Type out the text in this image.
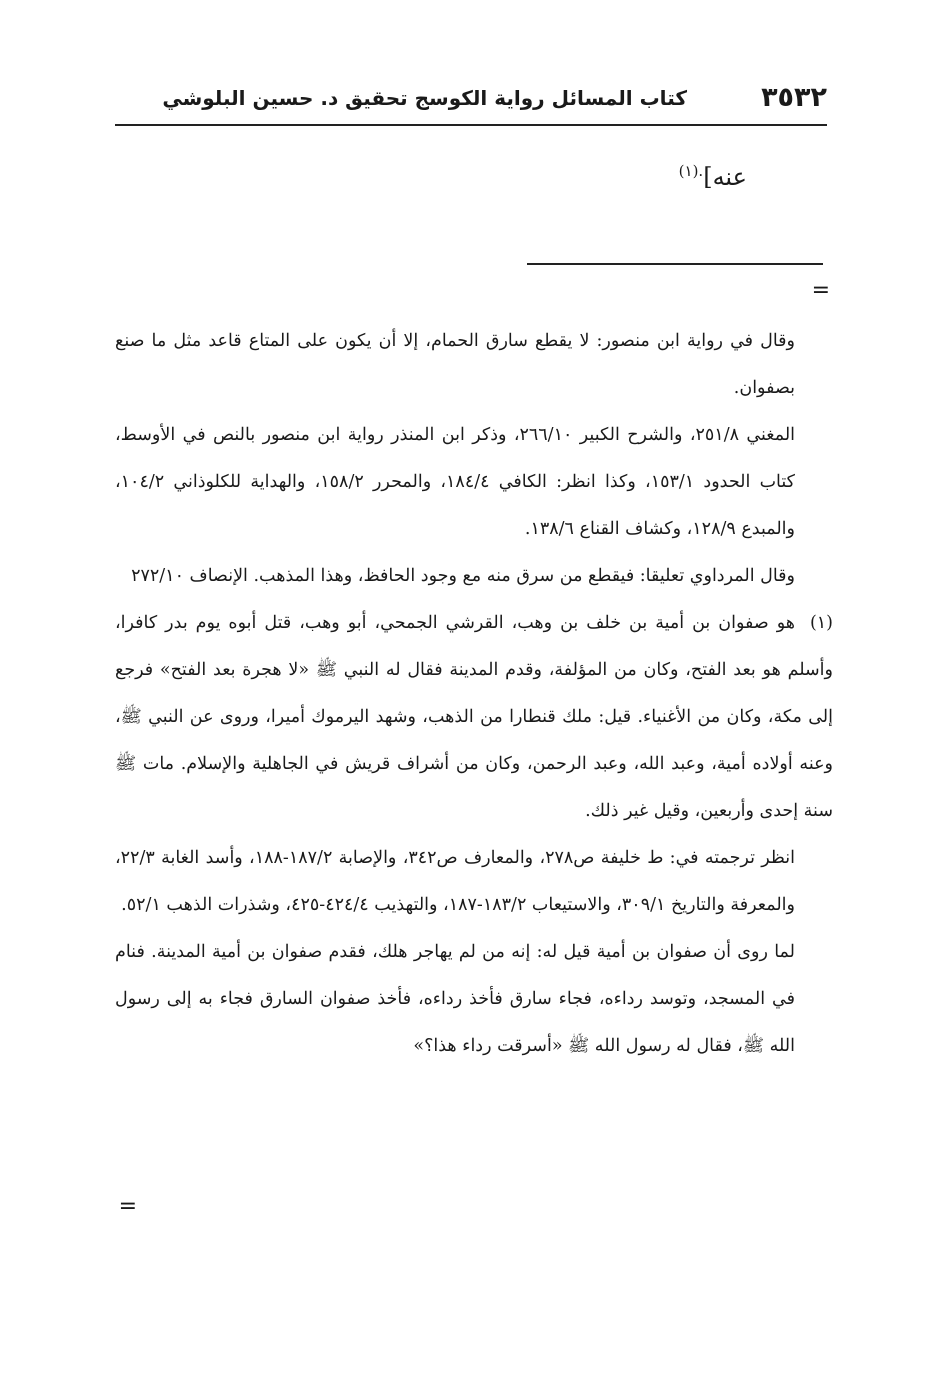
٣٥٣٢
كتاب المسائل رواية الكوسج تحقيق د. حسين البلوشي
عنه]$^{.(١)}$
=

وقال في رواية ابن منصور: لا يقطع سارق الحمام، إلا أن يكون على المتاع قاعد مثل ما صنع بصفوان.

المغني ٢٥١/٨، والشرح الكبير ٢٦٦/١٠، وذكر ابن المنذر رواية ابن منصور بالنص في الأوسط، كتاب الحدود ١٥٣/١، وكذا انظر: الكافي ١٨٤/٤، والمحرر ١٥٨/٢، والهداية للكلوذاني ١٠٤/٢، والمبدع ١٢٨/٩، وكشاف القناع ١٣٨/٦.

وقال المرداوي تعليقا: فيقطع من سرق منه مع وجود الحافظ، وهذا المذهب. الإنصاف ٢٧٢/١٠

(١)هو صفوان بن أمية بن خلف بن وهب، القرشي الجمحي، أبو وهب، قتل أبوه يوم بدر كافرا، وأسلم هو بعد الفتح، وكان من المؤلفة، وقدم المدينة فقال له النبي ﷺ «لا هجرة بعد الفتح» فرجع إلى مكة، وكان من الأغنياء. قيل: ملك قنطارا من الذهب، وشهد اليرموك أميرا، وروى عن النبي ﷺ، وعنه أولاده أمية، وعبد الله، وعبد الرحمن، وكان من أشراف قريش في الجاهلية والإسلام. مات ﷺ سنة إحدى وأربعين، وقيل غير ذلك.

انظر ترجمته في: ط خليفة ص٢٧٨، والمعارف ص٣٤٢، والإصابة ١٨٧/٢-١٨٨، وأسد الغابة ٢٢/٣، والمعرفة والتاريخ ٣٠٩/١، والاستيعاب ١٨٣/٢-١٨٧، والتهذيب ٤٢٤/٤-٤٢٥، وشذرات الذهب ٥٢/١.

لما روى أن صفوان بن أمية قيل له: إنه من لم يهاجر هلك، فقدم صفوان بن أمية المدينة. فنام في المسجد، وتوسد رداءه، فجاء سارق فأخذ رداءه، فأخذ صفوان السارق فجاء به إلى رسول الله ﷺ، فقال له رسول الله ﷺ «أسرقت رداء هذا؟»

=
